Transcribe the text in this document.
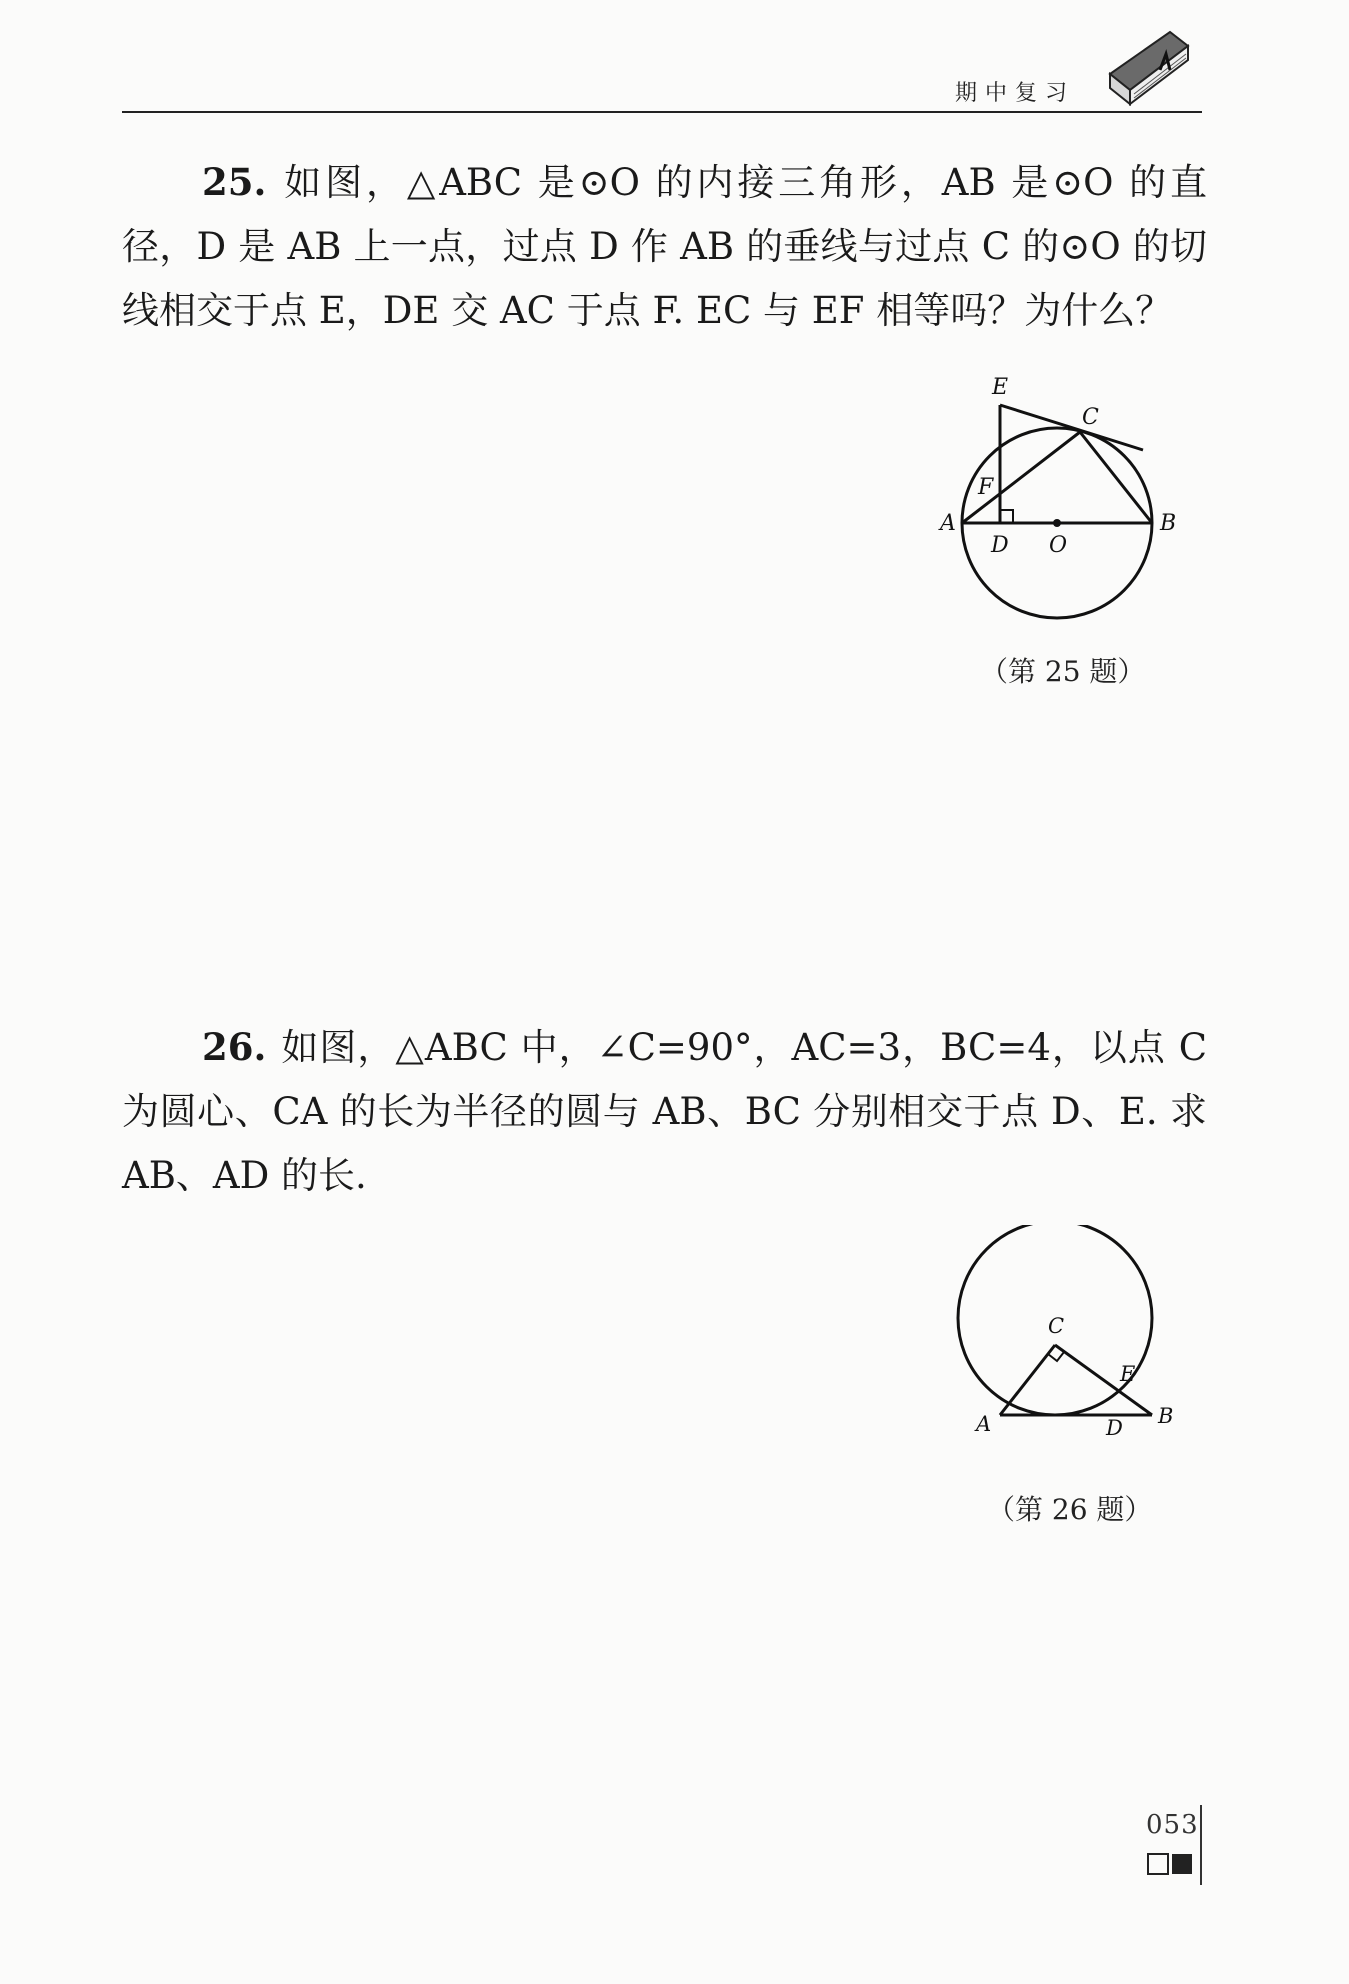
期中复习
25. 如图，△ABC 是⊙O 的内接三角形，AB 是⊙O 的直径，D 是 AB 上一点，过点 D 作 AB 的垂线与过点 C 的⊙O 的切线相交于点 E，DE 交 AC 于点 F. EC 与 EF 相等吗？为什么？
E
C
F
A
D O
B
（第 25 题）
26. 如图，△ABC 中，∠C=90°，AC=3，BC=4，以点 C 为圆心、CA 的长为半径的圆与 AB、BC 分别相交于点 D、E. 求 AB、AD 的长.
C
E
A	D B
（第 26 题）
053
